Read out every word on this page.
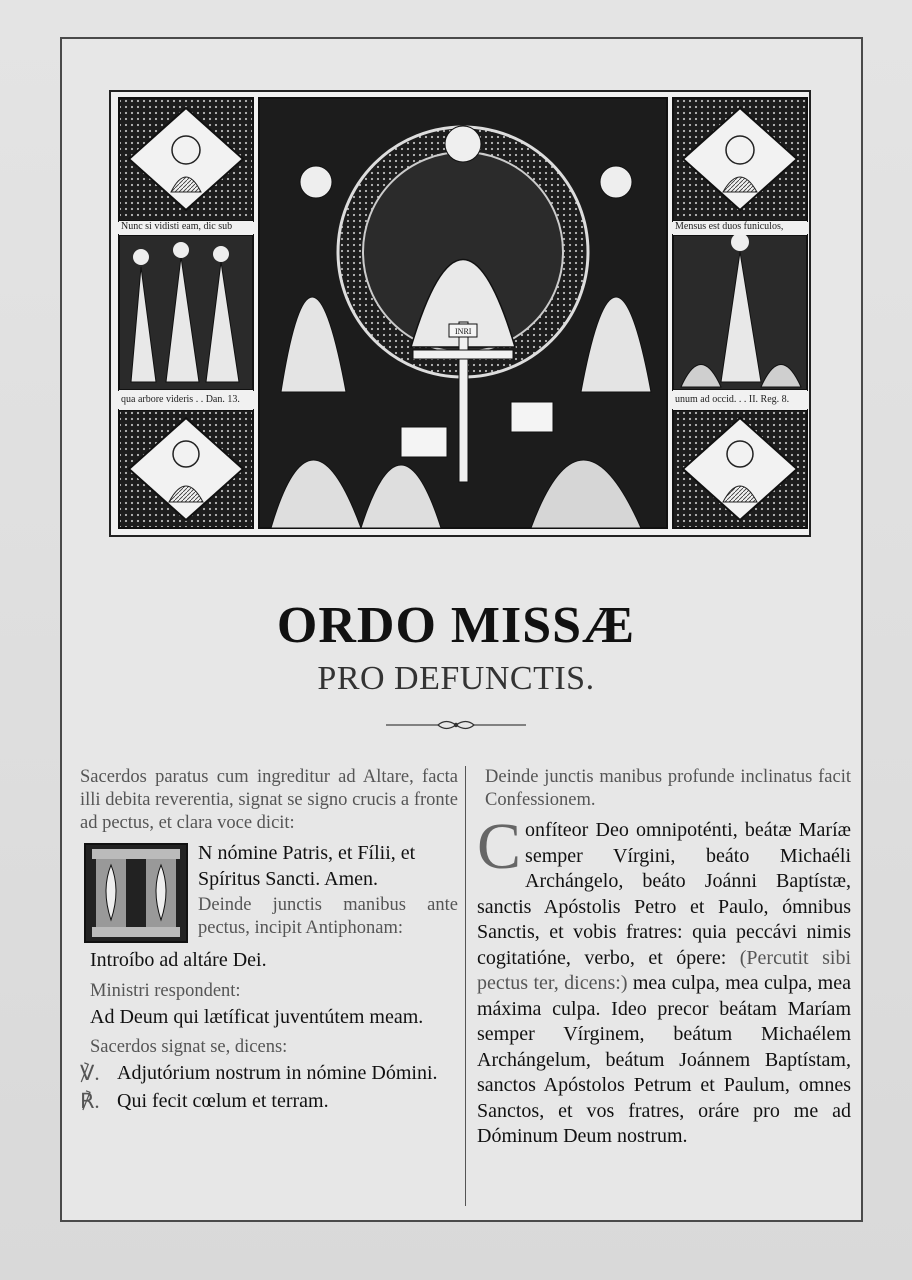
INRI
Nunc si vidisti eam, dic sub
qua arbore videris . . Dan. 13.
Mensus est duos funiculos,
unum ad occid. . . II. Reg. 8.
ORDO MISSÆ
PRO DEFUNCTIS.
Sacerdos paratus cum ingreditur ad Altare, facta illi debita reverentia, signat se signo crucis a fronte ad pectus, et clara voce dicit:
I	N nómine Patris, et Fílii, et Spíritus Sancti. Amen.
Deinde junctis manibus ante pectus, incipit Antiphonam:
Introíbo ad altáre Dei.
Ministri respondent:
Ad Deum qui lætíficat juventútem meam.
Sacerdos signat se, dicens:
℣. Adjutórium nostrum in nómine Dómini.
℟. Qui fecit cœlum et terram.
Deinde junctis manibus profunde inclinatus facit Confessionem.
Confíteor Deo omnipoténti, beátæ Maríæ semper Vírgini, beáto Michaéli Archángelo, beáto Joánni Baptístæ, sanctis Apóstolis Petro et Paulo, ómnibus Sanctis, et vobis fratres: quia peccávi nimis cogitatióne, verbo, et ópere: (Percutit sibi pectus ter, dicens:) mea culpa, mea culpa, mea máxima culpa. Ideo precor beátam Maríam semper Vírginem, beátum Michaélem Archángelum, beátum Joánnem Baptístam, sanctos Apóstolos Petrum et Paulum, omnes Sanctos, et vos fratres, oráre pro me ad Dóminum Deum nostrum.
